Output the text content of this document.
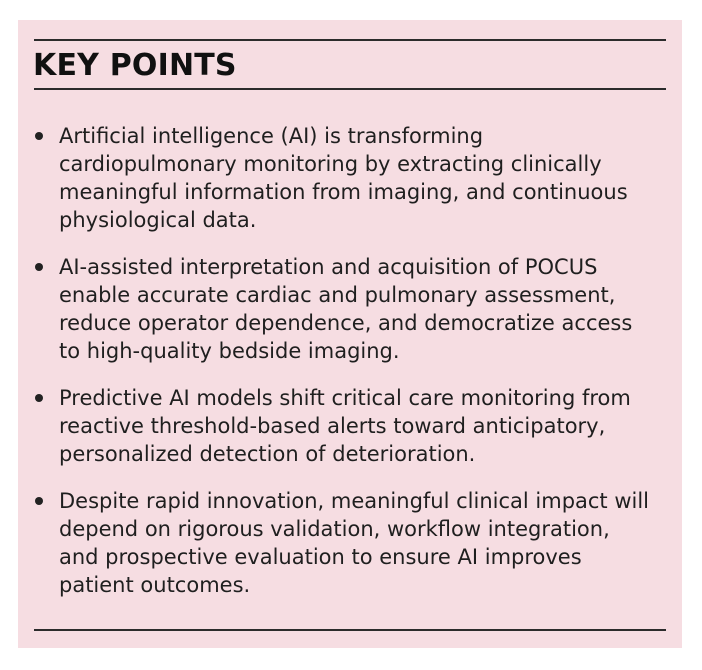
KEY POINTS
Artificial intelligence (AI) is transforming
cardiopulmonary monitoring by extracting clinically
meaningful information from imaging, and continuous
physiological data.
AI-assisted interpretation and acquisition of POCUS
enable accurate cardiac and pulmonary assessment,
reduce operator dependence, and democratize access
to high-quality bedside imaging.
Predictive AI models shift critical care monitoring from
reactive threshold-based alerts toward anticipatory,
personalized detection of deterioration.
Despite rapid innovation, meaningful clinical impact will
depend on rigorous validation, workflow integration,
and prospective evaluation to ensure AI improves
patient outcomes.
